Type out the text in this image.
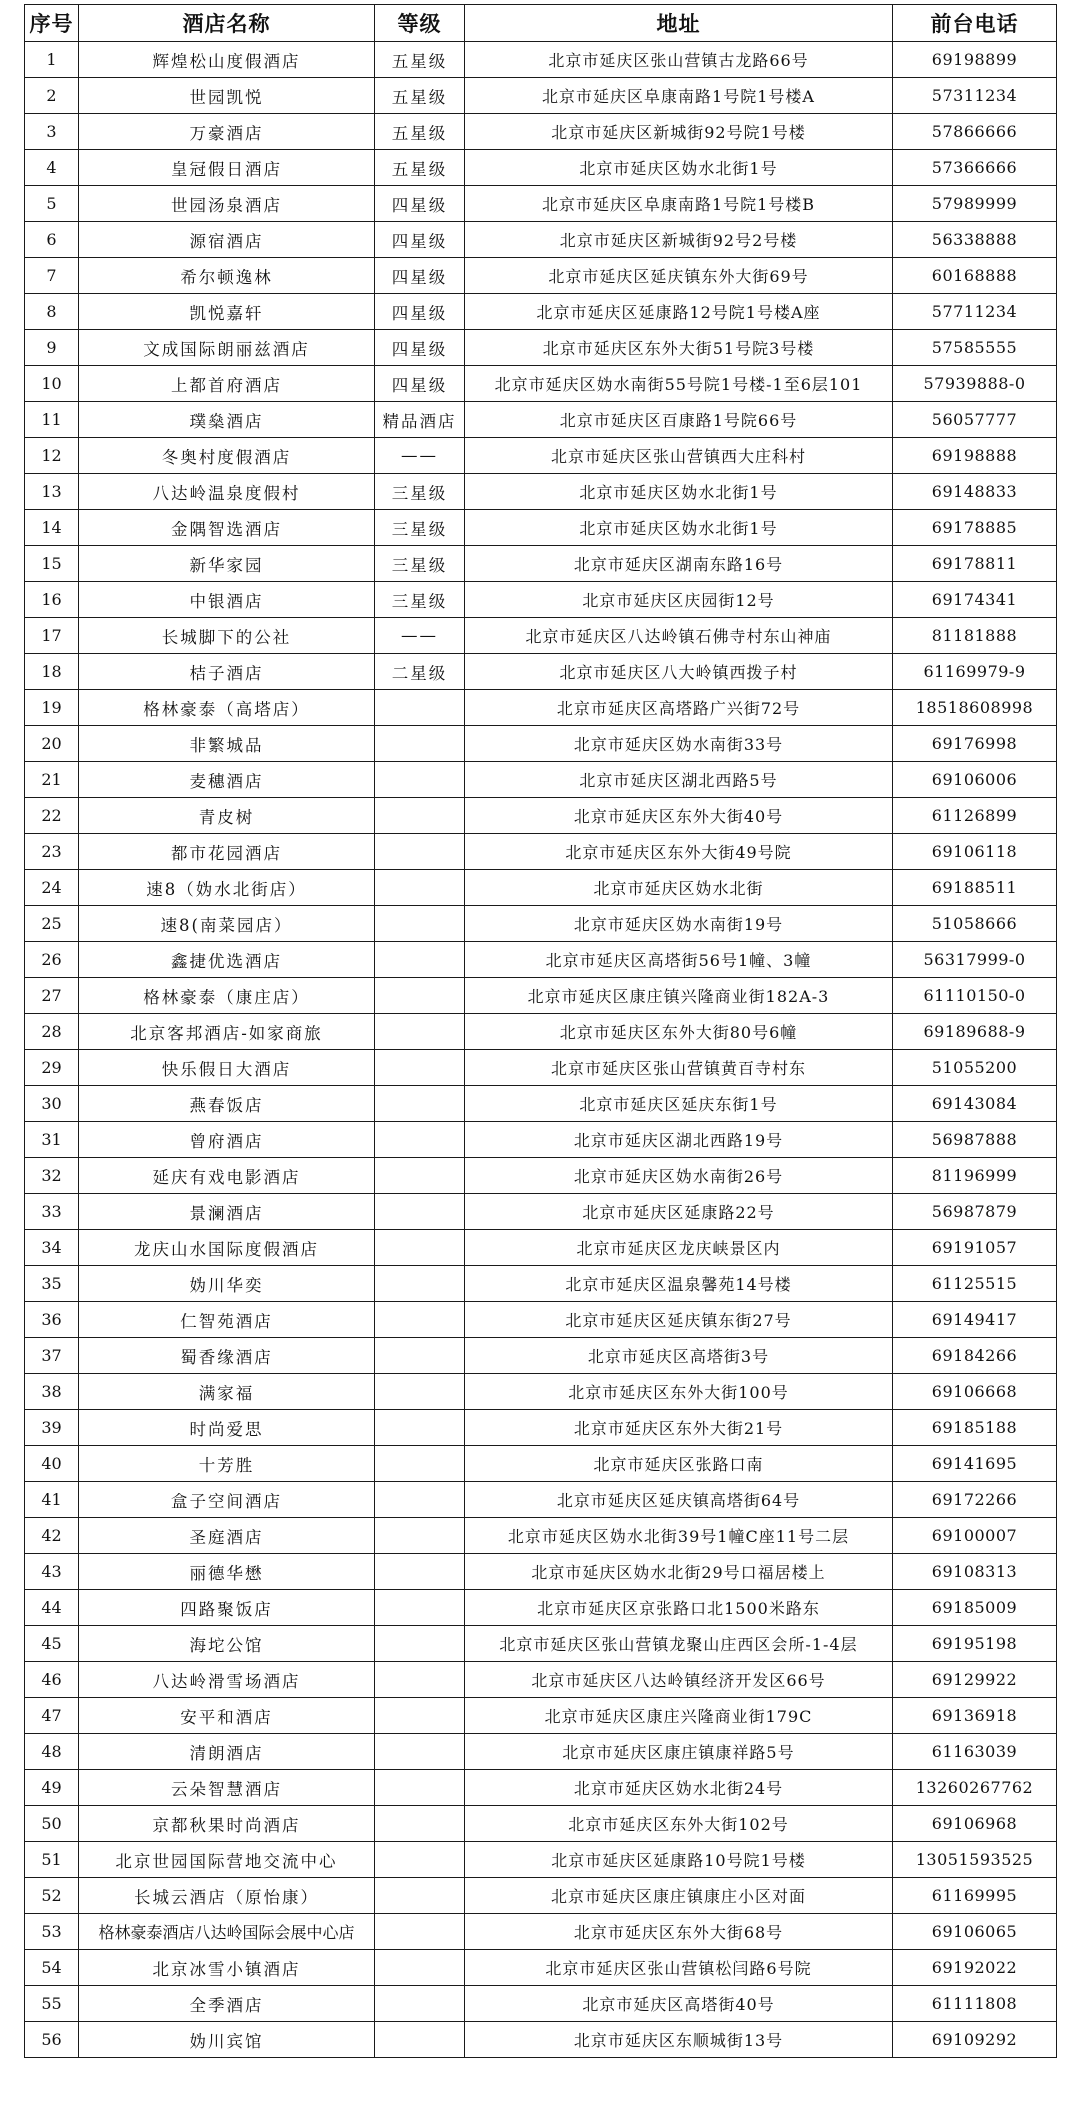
序号	酒店名称	等级	地址	前台电话
1	辉煌松山度假酒店	五星级	北京市延庆区张山营镇古龙路66号	69198899
2	世园凯悦	五星级	北京市延庆区阜康南路1号院1号楼A	57311234
3	万豪酒店	五星级	北京市延庆区新城街92号院1号楼	57866666
4	皇冠假日酒店	五星级	北京市延庆区妫水北街1号	57366666
5	世园汤泉酒店	四星级	北京市延庆区阜康南路1号院1号楼B	57989999
6	源宿酒店	四星级	北京市延庆区新城街92号2号楼	56338888
7	希尔顿逸林	四星级	北京市延庆区延庆镇东外大街69号	60168888
8	凯悦嘉轩	四星级	北京市延庆区延康路12号院1号楼A座	57711234
9	文成国际朗丽兹酒店	四星级	北京市延庆区东外大街51号院3号楼	57585555
10	上都首府酒店	四星级	北京市延庆区妫水南街55号院1号楼-1至6层101	57939888-0
11	璞燊酒店	精品酒店	北京市延庆区百康路1号院66号	56057777
12	冬奥村度假酒店	——	北京市延庆区张山营镇西大庄科村	69198888
13	八达岭温泉度假村	三星级	北京市延庆区妫水北街1号	69148833
14	金隅智选酒店	三星级	北京市延庆区妫水北街1号	69178885
15	新华家园	三星级	北京市延庆区湖南东路16号	69178811
16	中银酒店	三星级	北京市延庆区庆园街12号	69174341
17	长城脚下的公社	——	北京市延庆区八达岭镇石佛寺村东山神庙	81181888
18	桔子酒店	二星级	北京市延庆区八大岭镇西拨子村	61169979-9
19	格林豪泰（高塔店）		北京市延庆区高塔路广兴街72号	18518608998
20	非繁城品		北京市延庆区妫水南街33号	69176998
21	麦穗酒店		北京市延庆区湖北西路5号	69106006
22	青皮树		北京市延庆区东外大街40号	61126899
23	都市花园酒店		北京市延庆区东外大街49号院	69106118
24	速8（妫水北街店）		北京市延庆区妫水北街	69188511
25	速8(南菜园店）		北京市延庆区妫水南街19号	51058666
26	鑫捷优选酒店		北京市延庆区高塔街56号1幢、3幢	56317999-0
27	格林豪泰（康庄店）		北京市延庆区康庄镇兴隆商业街182A-3	61110150-0
28	北京客邦酒店-如家商旅		北京市延庆区东外大街80号6幢	69189688-9
29	快乐假日大酒店		北京市延庆区张山营镇黄百寺村东	51055200
30	燕春饭店		北京市延庆区延庆东街1号	69143084
31	曾府酒店		北京市延庆区湖北西路19号	56987888
32	延庆有戏电影酒店		北京市延庆区妫水南街26号	81196999
33	景澜酒店		北京市延庆区延康路22号	56987879
34	龙庆山水国际度假酒店		北京市延庆区龙庆峡景区内	69191057
35	妫川华奕		北京市延庆区温泉馨苑14号楼	61125515
36	仁智苑酒店		北京市延庆区延庆镇东街27号	69149417
37	蜀香缘酒店		北京市延庆区高塔街3号	69184266
38	满家福		北京市延庆区东外大街100号	69106668
39	时尚爱思		北京市延庆区东外大街21号	69185188
40	十芳胜		北京市延庆区张路口南	69141695
41	盒子空间酒店		北京市延庆区延庆镇高塔街64号	69172266
42	圣庭酒店		北京市延庆区妫水北街39号1幢C座11号二层	69100007
43	丽德华懋		北京市延庆区妫水北街29号口福居楼上	69108313
44	四路聚饭店		北京市延庆区京张路口北1500米路东	69185009
45	海坨公馆		北京市延庆区张山营镇龙聚山庄西区会所-1-4层	69195198
46	八达岭滑雪场酒店		北京市延庆区八达岭镇经济开发区66号	69129922
47	安平和酒店		北京市延庆区康庄兴隆商业街179C	69136918
48	清朗酒店		北京市延庆区康庄镇康祥路5号	61163039
49	云朵智慧酒店		北京市延庆区妫水北街24号	13260267762
50	京都秋果时尚酒店		北京市延庆区东外大街102号	69106968
51	北京世园国际营地交流中心		北京市延庆区延康路10号院1号楼	13051593525
52	长城云酒店（原怡康）		北京市延庆区康庄镇康庄小区对面	61169995
53	格林豪泰酒店八达岭国际会展中心店		北京市延庆区东外大街68号	69106065
54	北京冰雪小镇酒店		北京市延庆区张山营镇松闫路6号院	69192022
55	全季酒店		北京市延庆区高塔街40号	61111808
56	妫川宾馆		北京市延庆区东顺城街13号	69109292
